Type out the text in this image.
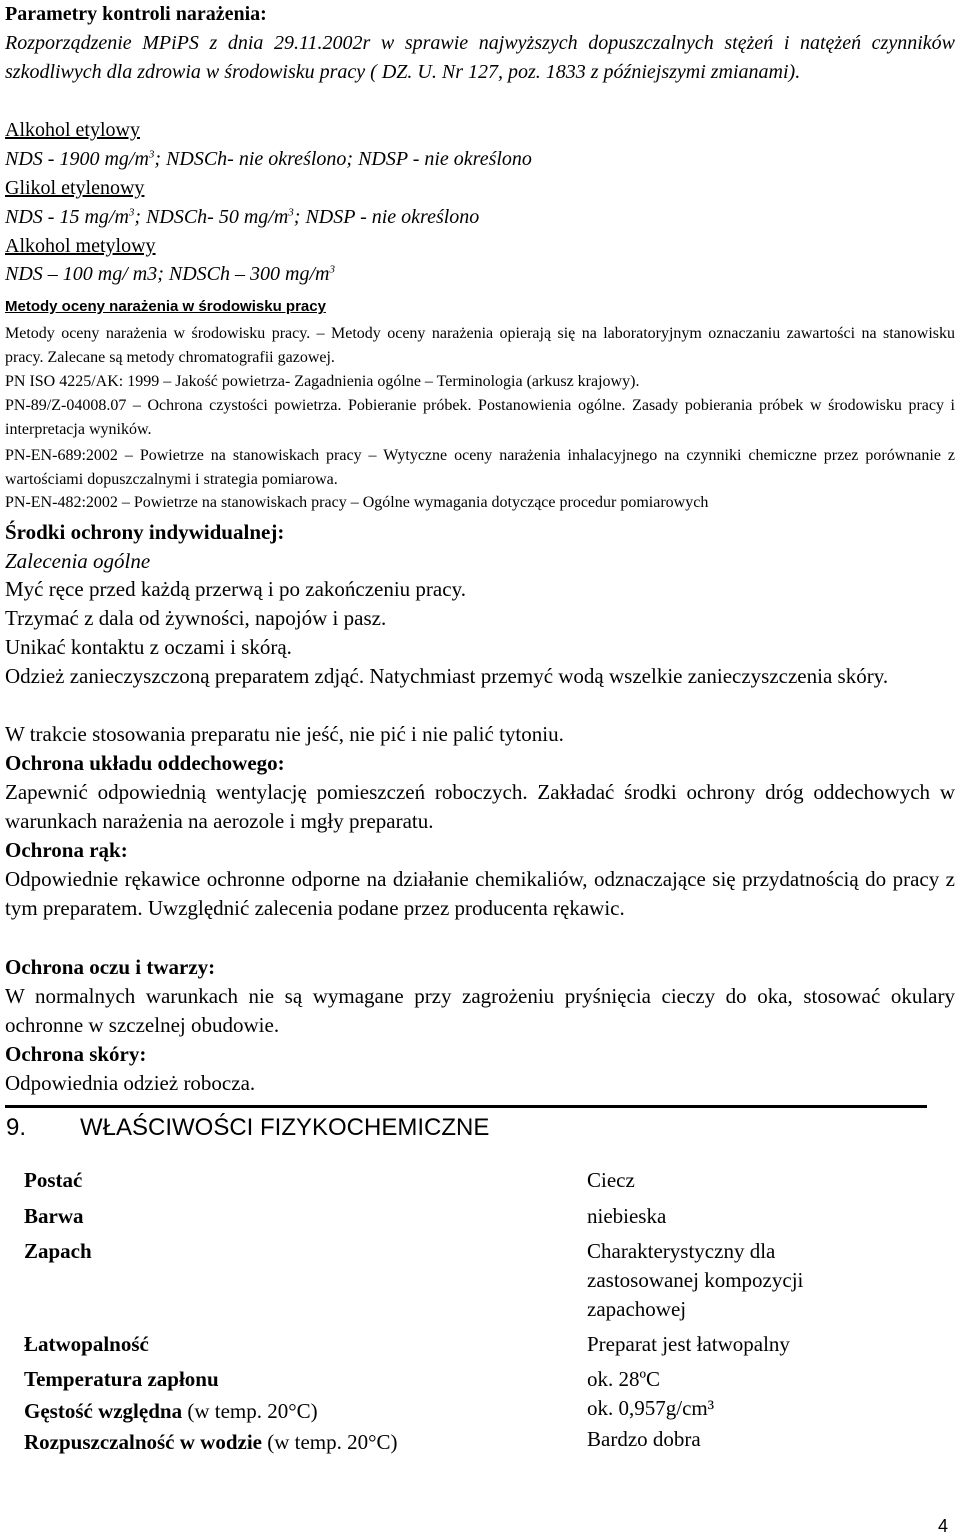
Parametry kontroli narażenia:
Rozporządzenie MPiPS z dnia 29.11.2002r w sprawie najwyższych dopuszczalnych stężeń i natężeń czynników szkodliwych dla zdrowia w środowisku pracy ( DZ. U. Nr 127, poz. 1833 z późniejszymi zmianami).
Alkohol etylowy
NDS - 1900 $mg/m^3$; NDSCh- nie określono; NDSP - nie określono
Glikol etylenowy
NDS - 15 $mg/m^3$; NDSCh- 50 $mg/m^3$; NDSP - nie określono
Alkohol metylowy
NDS – 100 mg/ m3; NDSCh – 300 $mg/m^3$
Metody oceny narażenia w środowisku pracy
Metody oceny narażenia w środowisku pracy. – Metody oceny narażenia opierają się na laboratoryjnym oznaczaniu zawartości na stanowisku pracy. Zalecane są metody chromatografii gazowej.
PN ISO 4225/AK: 1999 – Jakość powietrza- Zagadnienia ogólne – Terminologia (arkusz krajowy).
PN-89/Z-04008.07 – Ochrona czystości powietrza. Pobieranie próbek. Postanowienia ogólne. Zasady pobierania próbek w środowisku pracy i interpretacja wyników.
PN-EN-689:2002 – Powietrze na stanowiskach pracy – Wytyczne oceny narażenia inhalacyjnego na czynniki chemiczne przez porównanie z wartościami dopuszczalnymi i strategia pomiarowa.
PN-EN-482:2002 – Powietrze na stanowiskach pracy – Ogólne wymagania dotyczące procedur pomiarowych
Środki ochrony indywidualnej:
Zalecenia ogólne
Myć ręce przed każdą przerwą i po zakończeniu pracy.
Trzymać z dala od żywności, napojów i pasz.
Unikać kontaktu z oczami i skórą.
Odzież zanieczyszczoną preparatem zdjąć. Natychmiast przemyć wodą wszelkie zanieczyszczenia skóry.
W trakcie stosowania preparatu nie jeść, nie pić i nie palić tytoniu.
Ochrona układu oddechowego:
Zapewnić odpowiednią wentylację pomieszczeń roboczych. Zakładać środki ochrony dróg oddechowych w warunkach narażenia na aerozole i mgły preparatu.
Ochrona rąk:
Odpowiednie rękawice ochronne odporne na działanie chemikaliów, odznaczające się przydatnością do pracy z tym preparatem. Uwzględnić zalecenia podane przez producenta rękawic.
Ochrona oczu i twarzy:
W normalnych warunkach nie są wymagane przy zagrożeniu pryśnięcia cieczy do oka, stosować okulary ochronne w szczelnej obudowie.
Ochrona skóry:
Odpowiednia odzież robocza.
9. WŁAŚCIWOŚCI FIZYKOCHEMICZNE
Postać	Ciecz
Barwa	niebieska
Zapach	Charakterystyczny dla zastosowanej kompozycji zapachowej
Łatwopalność	Preparat jest łatwopalny
Temperatura zapłonu	ok. 28ºC
Gęstość względna (w temp. 20°C)	ok. 0,957g/cm³
Rozpuszczalność w wodzie (w temp. 20°C)	Bardzo dobra
4
